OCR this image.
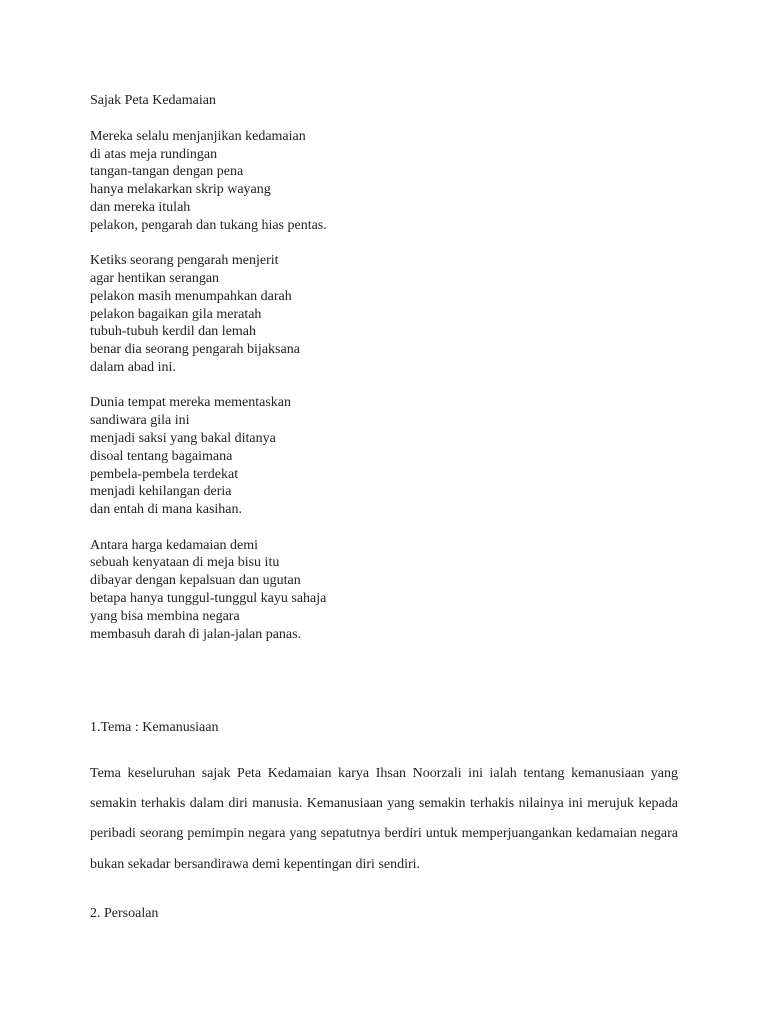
Sajak Peta Kedamaian

Mereka selalu menjanjikan kedamaian
di atas meja rundingan
tangan-tangan dengan pena
hanya melakarkan skrip wayang
dan mereka itulah
pelakon, pengarah dan tukang hias pentas.

Ketiks seorang pengarah menjerit
agar hentikan serangan
pelakon masih menumpahkan darah
pelakon bagaikan gila meratah
tubuh-tubuh kerdil dan lemah
benar dia seorang pengarah bijaksana
dalam abad ini.

Dunia tempat mereka mementaskan
sandiwara gila ini
menjadi saksi yang bakal ditanya
disoal tentang bagaimana
pembela-pembela terdekat
menjadi kehilangan deria
dan entah di mana kasihan.

Antara harga kedamaian demi
sebuah kenyataan di meja bisu itu
dibayar dengan kepalsuan dan ugutan
betapa hanya tunggul-tunggul kayu sahaja
yang bisa membina negara
membasuh darah di jalan-jalan panas.

1.Tema : Kemanusiaan

Tema keseluruhan sajak Peta Kedamaian karya Ihsan Noorzali ini ialah tentang kemanusiaan yang semakin terhakis dalam diri manusia. Kemanusiaan yang semakin terhakis nilainya ini merujuk kepada peribadi seorang pemimpin negara yang sepatutnya berdiri untuk memperjuangankan kedamaian negara bukan sekadar bersandirawa demi kepentingan diri sendiri.

2. Persoalan
